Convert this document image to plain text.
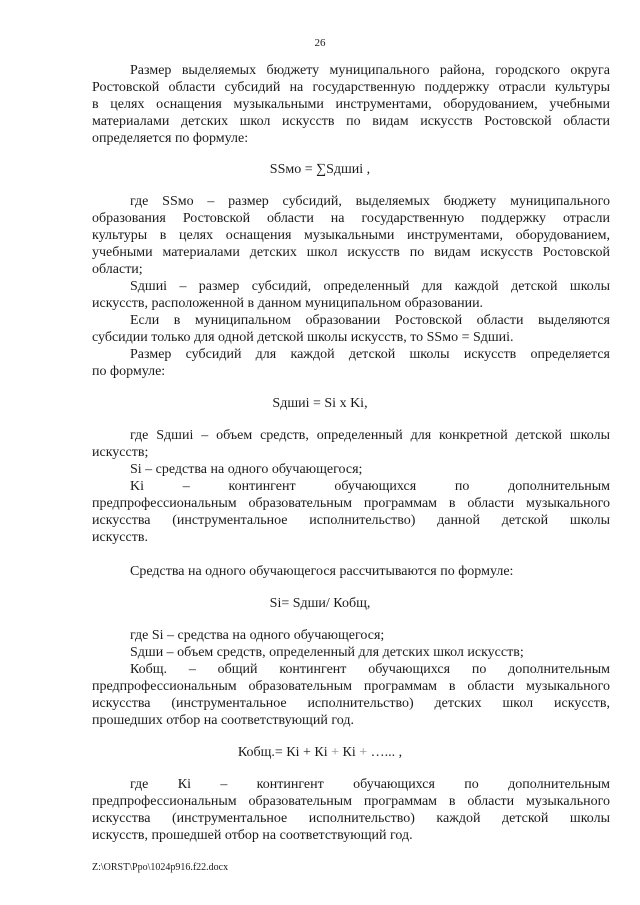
26
Размер выделяемых бюджету муниципального района, городского округа
Ростовской области субсидий на государственную поддержку отрасли культуры
в целях оснащения музыкальными инструментами, оборудованием, учебными
материалами детских школ искусств по видам искусств Ростовской области
определяется по формуле:
SSмо = ∑Sдшиi ,
где SSмо – размер субсидий, выделяемых бюджету муниципального
образования Ростовской области на государственную поддержку отрасли
культуры в целях оснащения музыкальными инструментами, оборудованием,
учебными материалами детских школ искусств по видам искусств Ростовской
области;
Sдшиi – размер субсидий, определенный для каждой детской школы
искусств, расположенной в данном муниципальном образовании.
Если в муниципальном образовании Ростовской области выделяются
субсидии только для одной детской школы искусств, то SSмо = Sдшиi.
Размер субсидий для каждой детской школы искусств определяется
по формуле:
Sдшиi = Si x Ki,
где Sдшиi – объем средств, определенный для конкретной детской школы
искусств;
Si – средства на одного обучающегося;
Ki – контингент обучающихся по дополнительным
предпрофессиональным образовательным программам в области музыкального
искусства (инструментальное исполнительство) данной детской школы
искусств.
Средства на одного обучающегося рассчитываются по формуле:
Si= Sдши/ Кобщ,
где Si – средства на одного обучающегося;
Sдши – объем средств, определенный для детских школ искусств;
Кобщ. – общий контингент обучающихся по дополнительным
предпрофессиональным образовательным программам в области музыкального
искусства (инструментальное исполнительство) детских школ искусств,
прошедших отбор на соответствующий год.
Кобщ.= Кi + Кi + Кi + …... ,
где Кi – контингент обучающихся по дополнительным
предпрофессиональным образовательным программам в области музыкального
искусства (инструментальное исполнительство) каждой детской школы
искусств, прошедшей отбор на соответствующий год.
Z:\ORST\Ppo\1024p916.f22.docx
